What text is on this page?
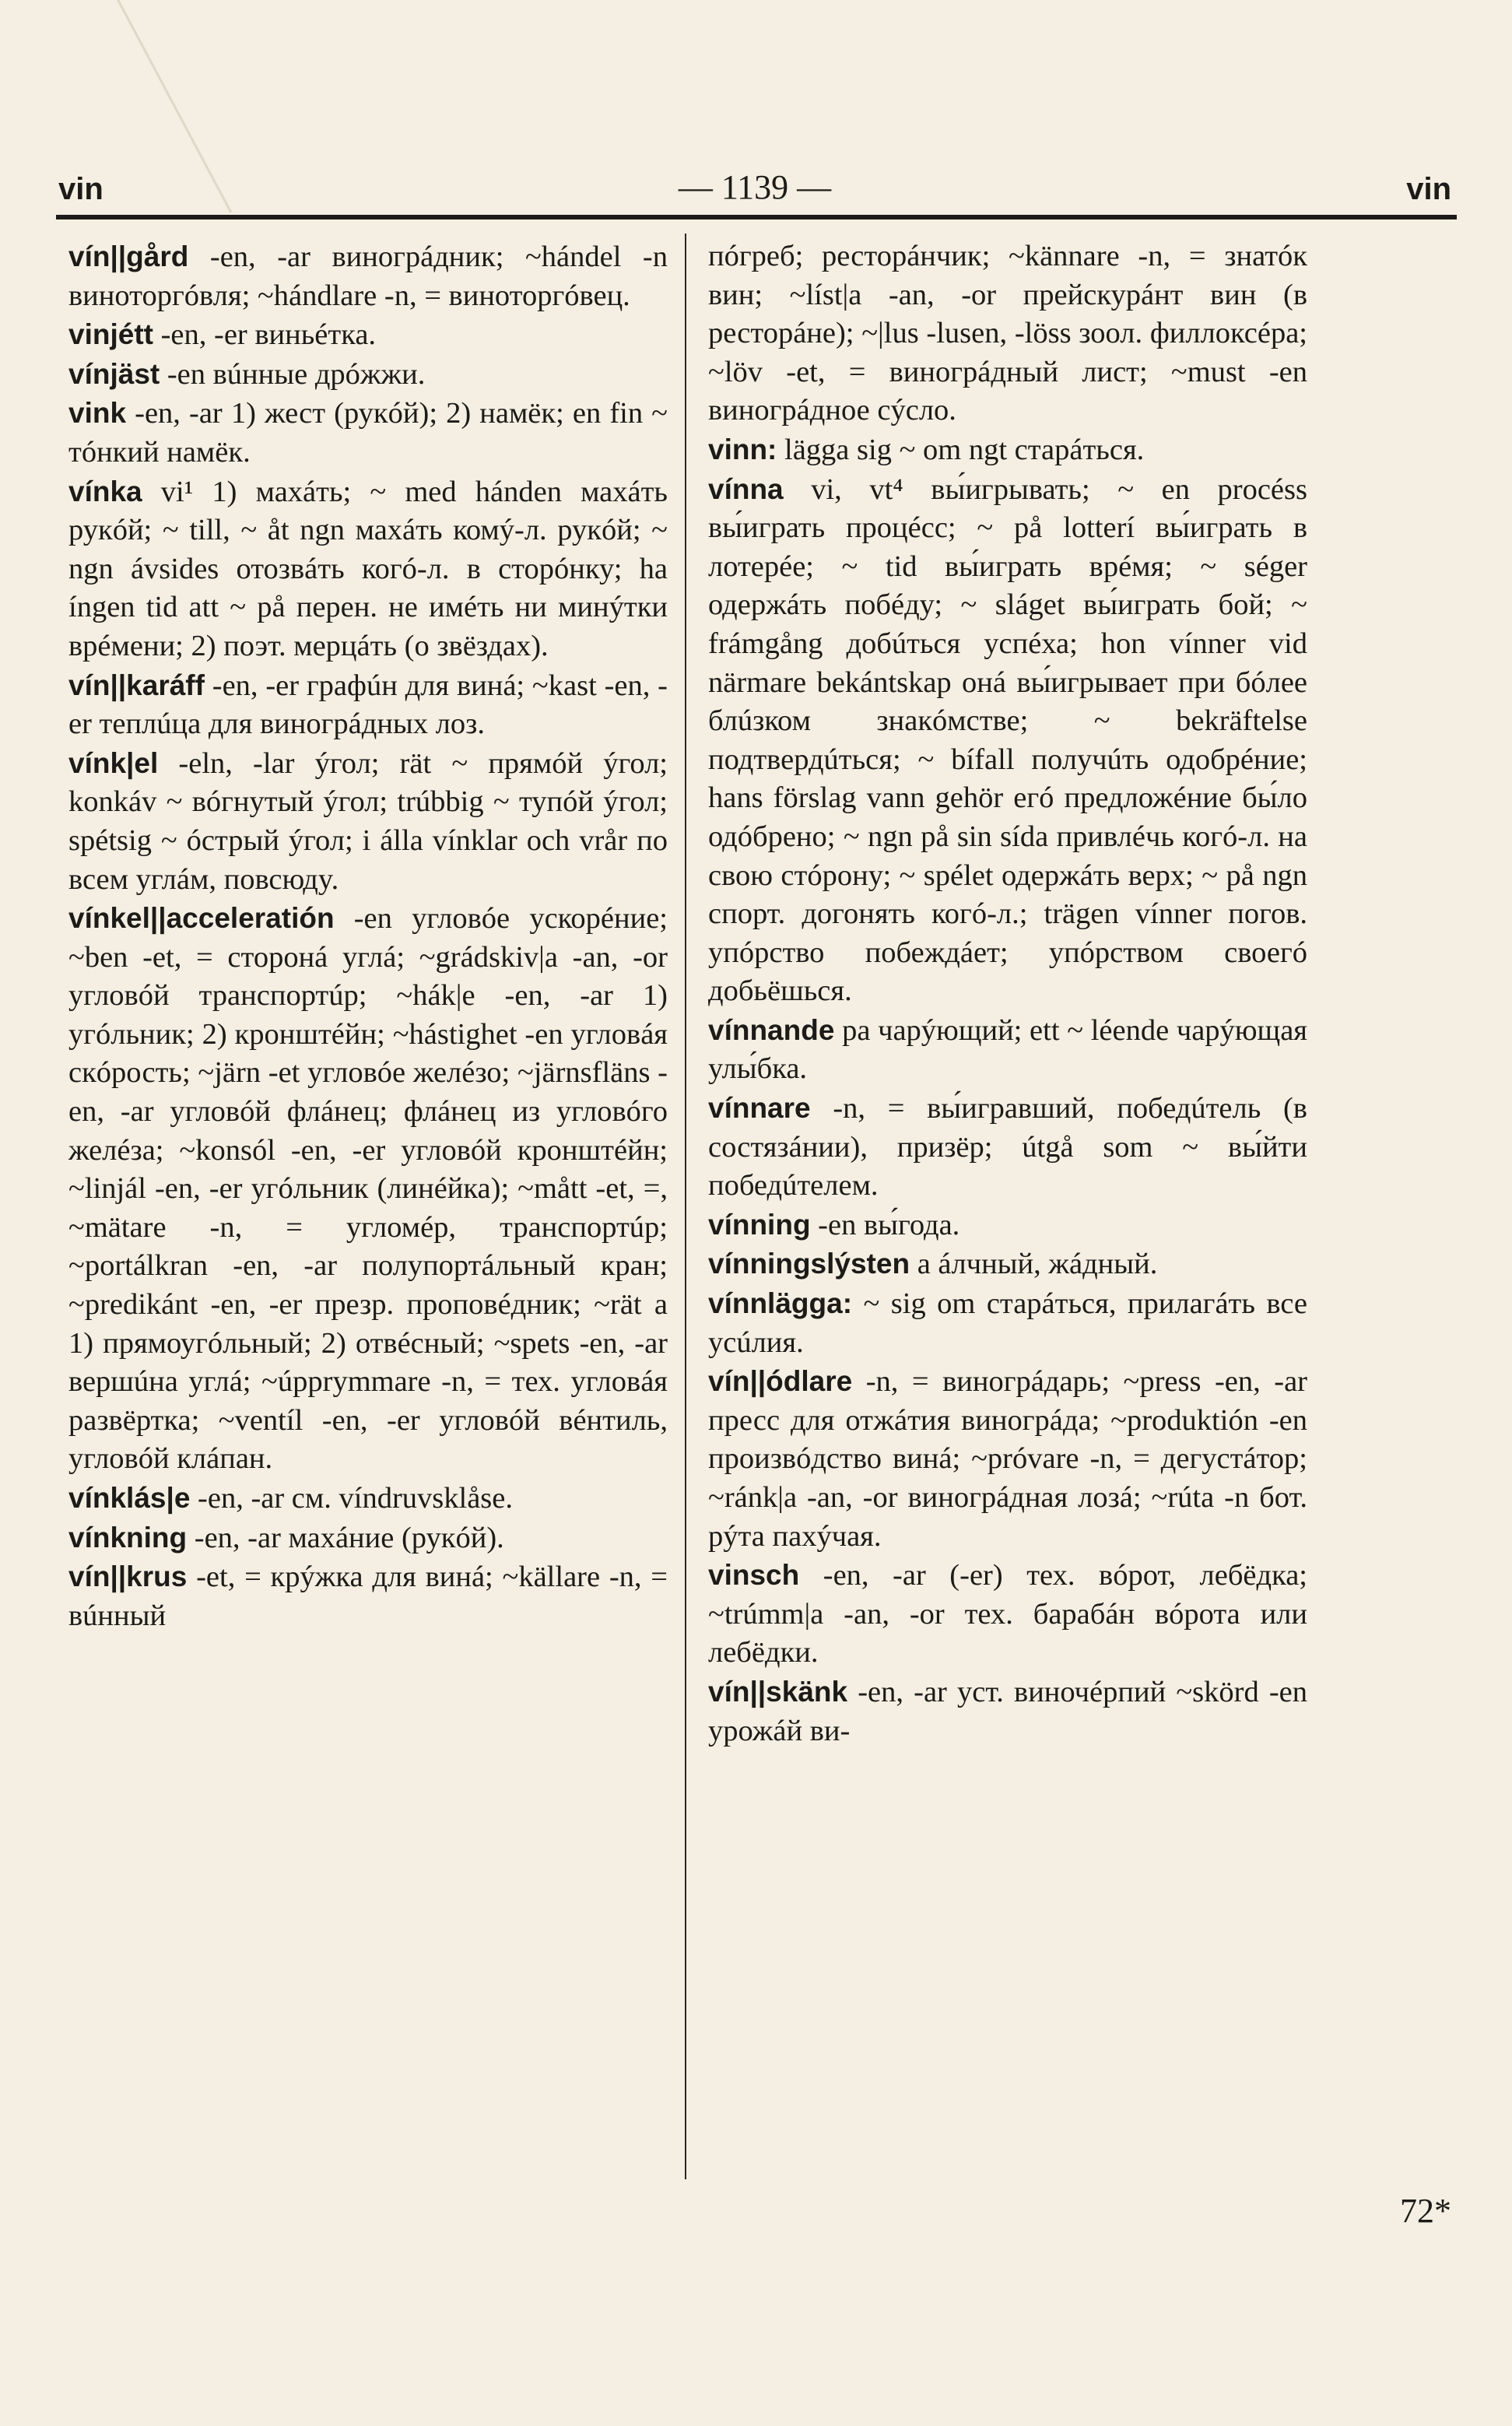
vin	— 1139 —	vin

vín||gård -en, -ar виногрáдник; ~hándel -n виноторгóвля; ~hándlare -n, = виноторгóвец.

vinjétt -en, -er виньéтка.

vínjäst -en вúнные дрóжжи.

vink -en, -ar 1) жест (рукóй); 2) намёк; en fin ~ тóнкий намёк.

vínka vi¹ 1) махáть; ~ med hánden махáть рукóй; ~ till, ~ åt ngn махáть комý-л. рукóй; ~ ngn ávsides отозвáть когó-л. в сторóнку; ha íngen tid att ~ på перен. не имéть ни минýтки врéмени; 2) поэт. мерцáть (о звёздах).

vín||karáff -en, -er графúн для винá; ~kast -en, -er теплúца для виногрáдных лоз.

vínk|el -eln, -lar ýгол; rät ~ прямóй ýгол; konkáv ~ вóгнутый ýгол; trúbbig ~ тупóй ýгол; spétsig ~ óстрый ýгол; i álla vínklar och vrår по всем углáм, повсюдy.

vínkel||acceleratión -en угловóе ускорéние; ~ben -et, = сторонá углá; ~grádskiv|a -an, -or угловóй транспортúр; ~hák|e -en, -ar 1) угóльник; 2) кронштéйн; ~hástighet -en угловáя скóрость; ~järn -et угловóе желéзо; ~järnsfläns -en, -ar угловóй флáнец; флáнец из угловóго желéза; ~konsól -en, -er угловóй кронштéйн; ~linjál -en, -er угóльник (линéйка); ~mått -et, =, ~mätare -n, = угломéр, транспортúр; ~portálkran -en, -ar полупортáльный кран; ~predikánt -en, -er презр. проповéдник; ~rät a 1) прямоугóльный; 2) отвéсный; ~spets -en, -ar вершúна углá; ~úpprymmare -n, = тех. угловáя развёртка; ~ventíl -en, -er угловóй вéнтиль, угловóй клáпан.

vínklás|e -en, -ar см. víndruvsklåse.

vínkning -en, -ar махáние (рукóй).

vín||krus -et, = крýжка для винá; ~källare -n, = вúнный

пóгреб; ресторáнчик; ~kännare -n, = знатóк вин; ~líst|a -an, -or прейскурáнт вин (в ресторáне); ~|lus -lusen, -löss зоол. филлоксéра; ~löv -et, = виногрáдный лист; ~must -en виногрáдное сýсло.

vinn: lägga sig ~ om ngt старáться.

vínna vi, vt⁴ вы́игрывать; ~ en procéss вы́играть процéсс; ~ på lotterí вы́играть в лотерéе; ~ tid вы́играть врéмя; ~ séger одержáть побéду; ~ sláget вы́играть бой; ~ frámgång добúться успéха; hon vínner vid närmare bekántskap онá вы́игрывает при бóлее блúзком знакóмстве; ~ bekräftelse подтвердúться; ~ bífall получúть одобрéние; hans förslag vann gehör егó предложéние бы́ло одóбрено; ~ ngn på sin sída привлéчь когó-л. на свою стóрону; ~ spélet одержáть верх; ~ på ngn спорт. догонять когó-л.; trägen vínner погов. упóрство побеждáет; упóрством своегó добьёшься.

vínnande pa чарýющий; ett ~ léende чарýющая улы́бка.

vínnare -n, = вы́игравший, победúтель (в состязáнии), призёр; útgå som ~ вы́йти победúтелем.

vínning -en вы́года.

vínningslýsten a áлчный, жáдный.

vínnlägga: ~ sig om старáться, прилагáть все усúлия.

vín||ódlare -n, = виногрáдарь; ~press -en, -ar пресс для отжáтия виногрáда; ~produktión -en произвóдство винá; ~próvare -n, = дегустáтор; ~ránk|a -an, -or виногрáдная лозá; ~rúta -n бот. рýта пахýчая.

vinsch -en, -ar (-er) тех. вóрот, лебёдка; ~trúmm|a -an, -or тех. барабáн вóрота или лебёдки.

vín||skänk -en, -ar уст. виночéрпий ~skörd -en урожáй ви-

72*
